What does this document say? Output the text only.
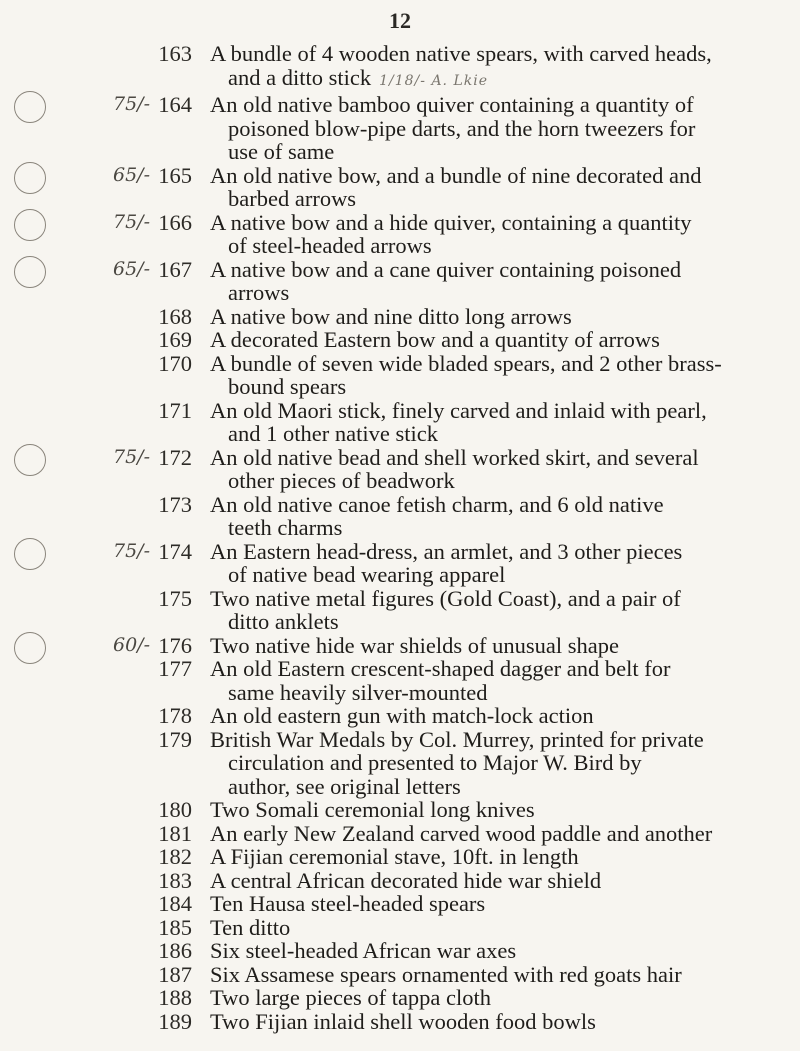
12
163 A bundle of 4 wooden native spears, with carved heads,
and a ditto stick 1/18/- A. Lkie
75/- 164 An old native bamboo quiver containing a quantity of
poisoned blow-pipe darts, and the horn tweezers for
use of same
65/- 165 An old native bow, and a bundle of nine decorated and
barbed arrows
75/- 166 A native bow and a hide quiver, containing a quantity
of steel-headed arrows
65/- 167 A native bow and a cane quiver containing poisoned
arrows
168 A native bow and nine ditto long arrows
169 A decorated Eastern bow and a quantity of arrows
170 A bundle of seven wide bladed spears, and 2 other brass-
bound spears
171 An old Maori stick, finely carved and inlaid with pearl,
and 1 other native stick
75/- 172 An old native bead and shell worked skirt, and several
other pieces of beadwork
173 An old native canoe fetish charm, and 6 old native
teeth charms
75/- 174 An Eastern head-dress, an armlet, and 3 other pieces
of native bead wearing apparel
175 Two native metal figures (Gold Coast), and a pair of
ditto anklets
60/- 176 Two native hide war shields of unusual shape
177 An old Eastern crescent-shaped dagger and belt for
same heavily silver-mounted
178 An old eastern gun with match-lock action
179 British War Medals by Col. Murrey, printed for private
circulation and presented to Major W. Bird by
author, see original letters
180 Two Somali ceremonial long knives
181 An early New Zealand carved wood paddle and another
182 A Fijian ceremonial stave, 10ft. in length
183 A central African decorated hide war shield
184 Ten Hausa steel-headed spears
185 Ten ditto
186 Six steel-headed African war axes
187 Six Assamese spears ornamented with red goats hair
188 Two large pieces of tappa cloth
189 Two Fijian inlaid shell wooden food bowls
